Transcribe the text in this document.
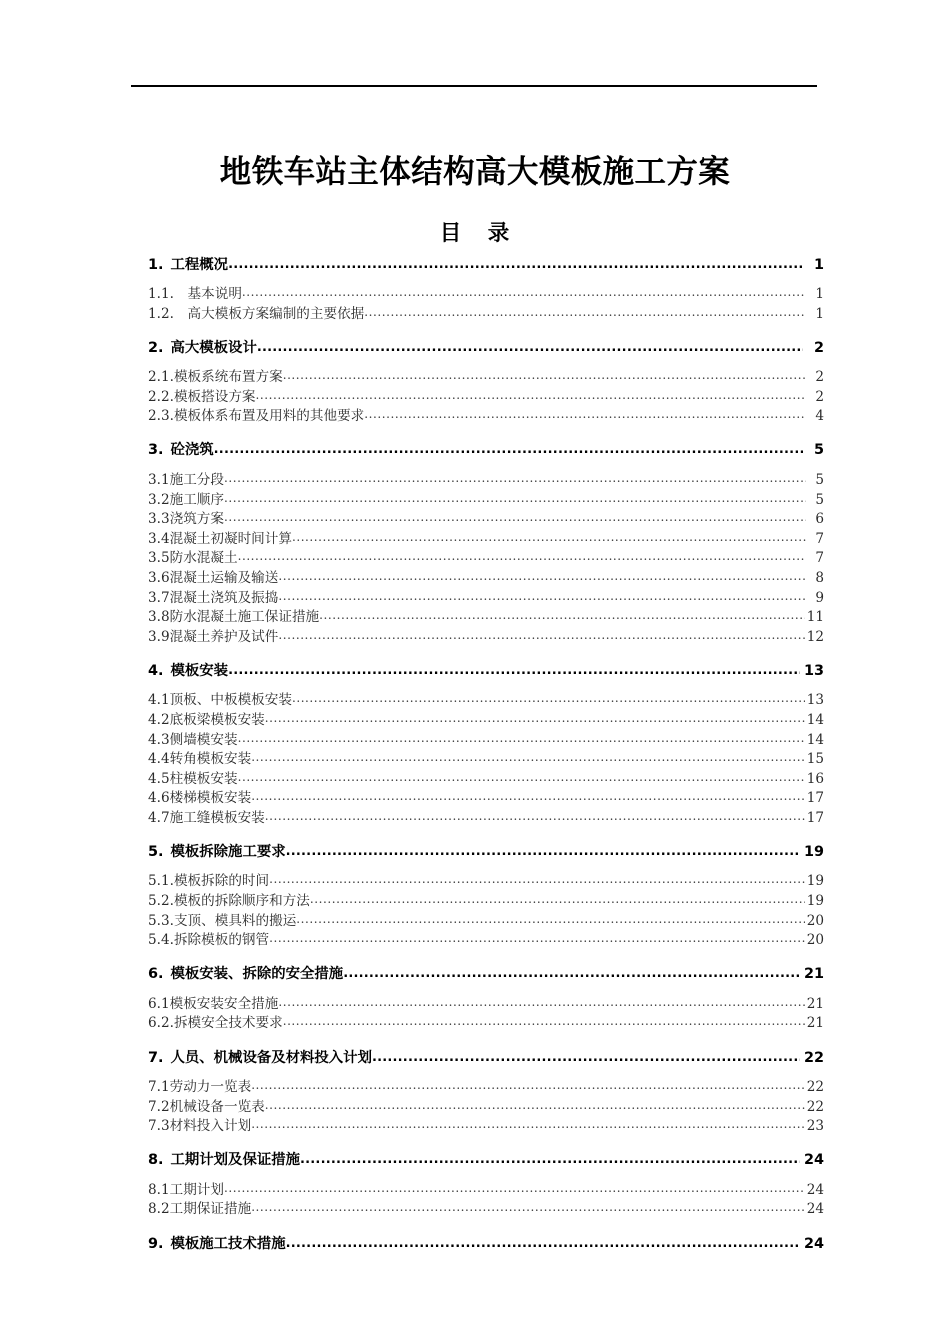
地铁车站主体结构高大模板施工方案
目   录
1. 工程概况 .....	1
1.1. 　基本说明 .....	1
1.2. 　高大模板方案编制的主要依据 .....	1
2. 高大模板设计 .....	2
2.1. 模板系统布置方案 .....	2
2.2. 模板搭设方案 .....	2
2.3. 模板体系布置及用料的其他要求 .....	4
3. 砼浇筑 .....	5
3.1 施工分段 .....	5
3.2 施工顺序 .....	5
3.3 浇筑方案 .....	6
3.4 混凝土初凝时间计算 .....	7
3.5 防水混凝土 .....	7
3.6 混凝土运输及输送 .....	8
3.7 混凝土浇筑及振捣 .....	9
3.8 防水混凝土施工保证措施 .....	11
3.9 混凝土养护及试件 .....	12
4. 模板安装 .....	13
4.1 顶板、中板模板安装 .....	13
4.2 底板梁模板安装 .....	14
4.3 侧墙模安装 .....	14
4.4 转角模板安装 .....	15
4.5 柱模板安装 .....	16
4.6 楼梯模板安装 .....	17
4.7 施工缝模板安装 .....	17
5. 模板拆除施工要求 .....	19
5.1. 模板拆除的时间 .....	19
5.2. 模板的拆除顺序和方法 .....	19
5.3. 支顶、模具料的搬运 .....	20
5.4. 拆除模板的钢管 .....	20
6. 模板安装、拆除的安全措施 .....	21
6.1 模板安装安全措施 .....	21
6.2. 拆模安全技术要求 .....	21
7. 人员、机械设备及材料投入计划 .....	22
7.1 劳动力一览表 .....	22
7.2 机械设备一览表 .....	22
7.3 材料投入计划 .....	23
8. 工期计划及保证措施 .....	24
8.1 工期计划 .....	24
8.2 工期保证措施 .....	24
9. 模板施工技术措施 .....	24
